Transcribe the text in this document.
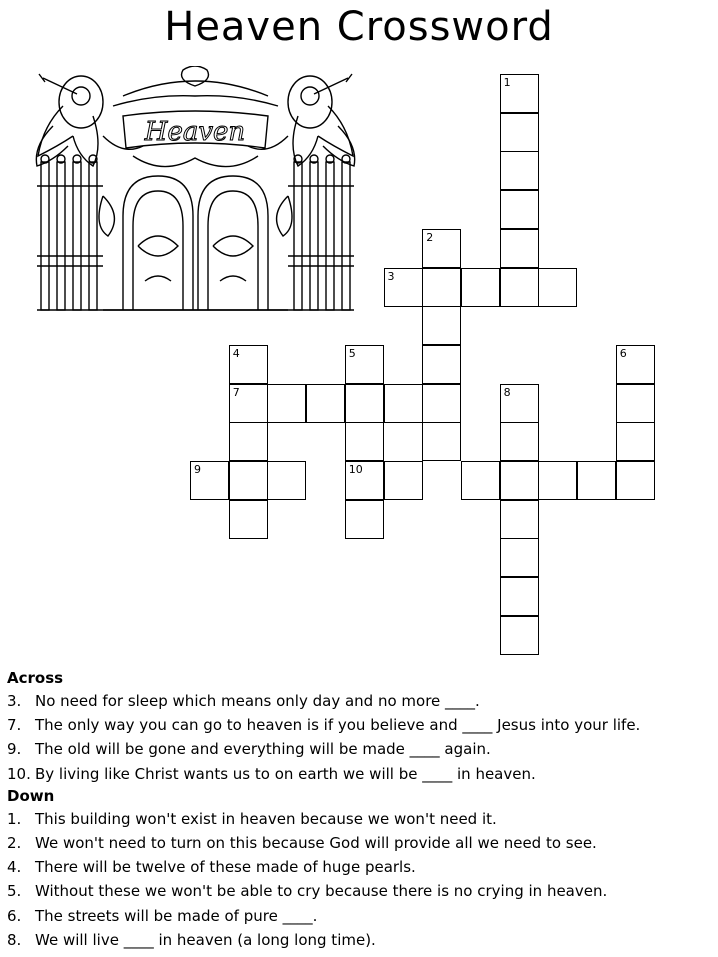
Heaven Crossword
Heaven
1
2
3
4
7
5
10
6
8
9
Across
3. No need for sleep which means only day and no more ____.
7. The only way you can go to heaven is if you believe and ____ Jesus into your life.
9. The old will be gone and everything will be made ____ again.
10. By living like Christ wants us to on earth we will be ____ in heaven.
Down
1. This building won't exist in heaven because we won't need it.
2. We won't need to turn on this because God will provide all we need to see.
4. There will be twelve of these made of huge pearls.
5. Without these we won't be able to cry because there is no crying in heaven.
6. The streets will be made of pure ____.
8. We will live ____ in heaven (a long long time).
